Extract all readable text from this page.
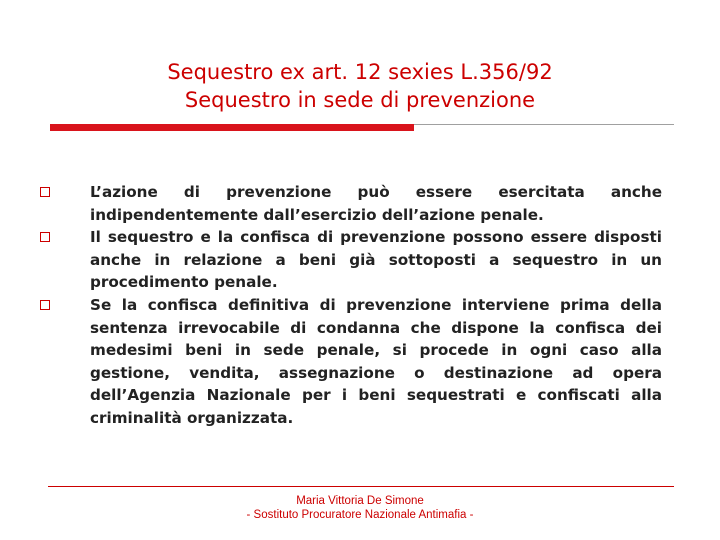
Sequestro ex art. 12 sexies L.356/92
Sequestro in sede di prevenzione
L’azione di prevenzione può essere esercitata anche indipendentemente dall’esercizio dell’azione penale.
Il sequestro e la confisca di prevenzione possono essere disposti anche in relazione a beni già sottoposti a sequestro in un procedimento penale.
Se la confisca definitiva di prevenzione interviene prima della sentenza irrevocabile di condanna che dispone la confisca dei medesimi beni in sede penale, si procede in ogni caso alla gestione, vendita, assegnazione o destinazione ad opera dell’Agenzia Nazionale per i beni sequestrati e confiscati alla criminalità organizzata.
Maria Vittoria De Simone
- Sostituto Procuratore Nazionale Antimafia -
